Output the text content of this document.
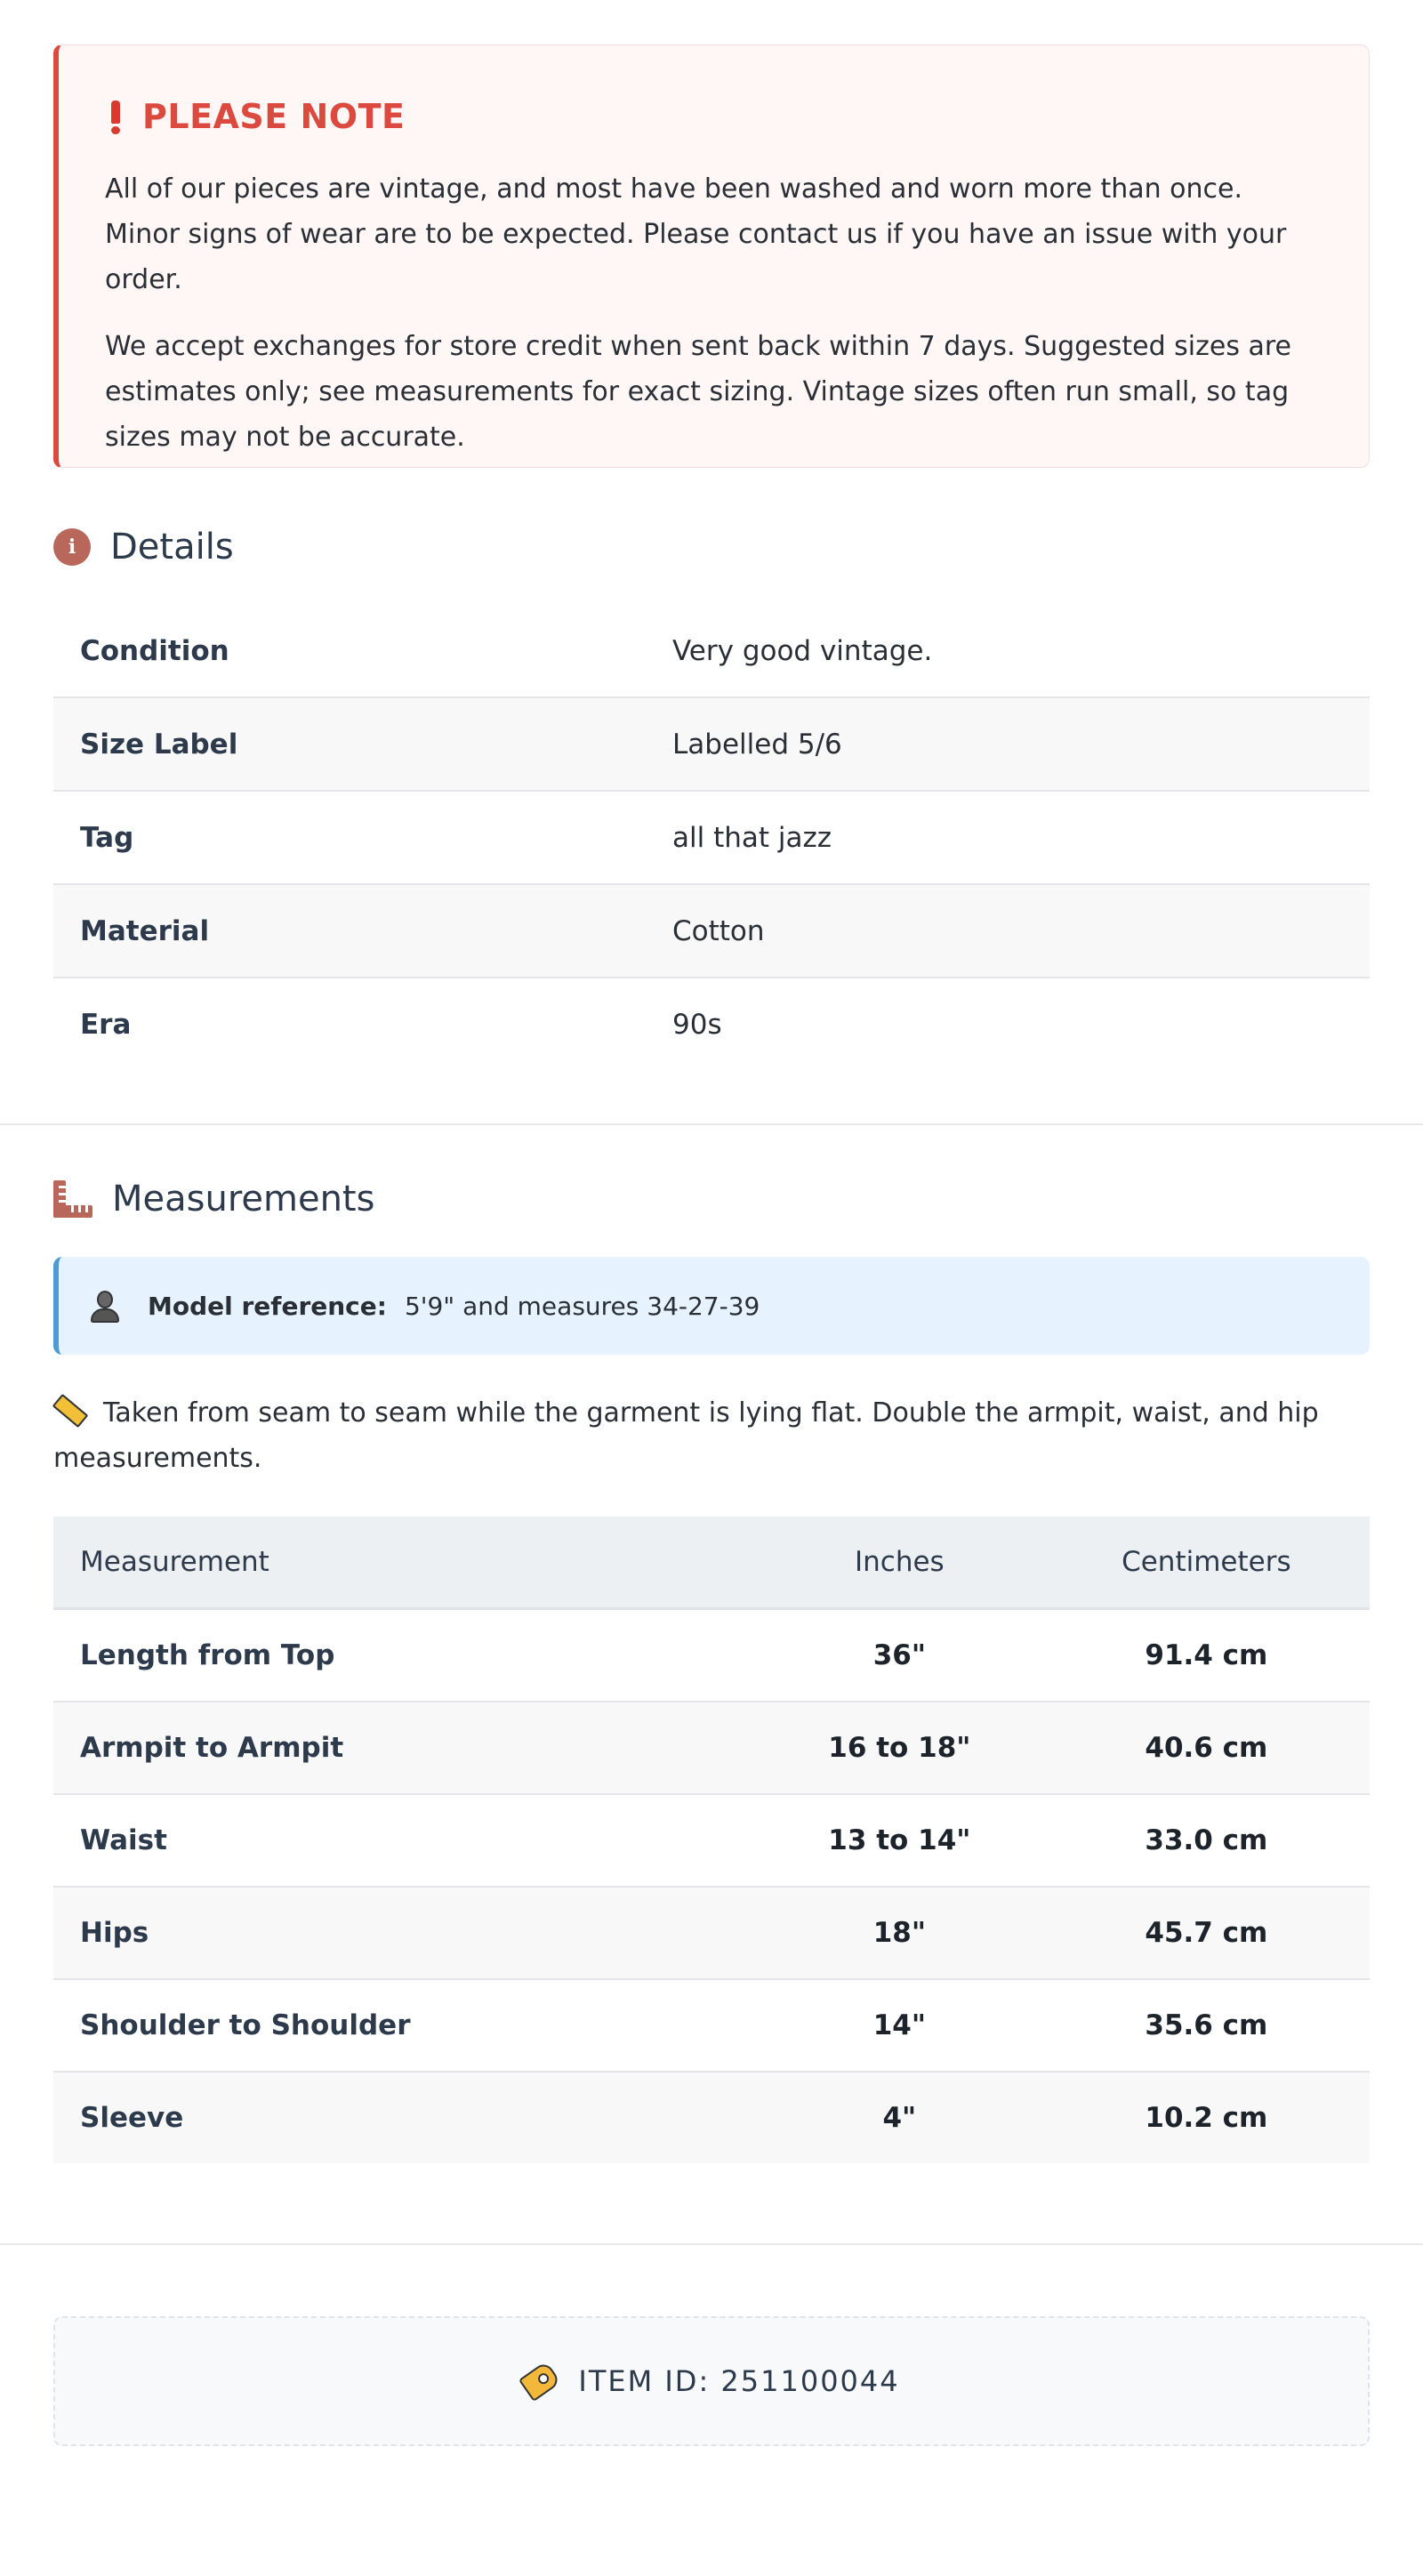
PLEASE NOTE

All of our pieces are vintage, and most have been washed and worn more than once. Minor signs of wear are to be expected. Please contact us if you have an issue with your order.

We accept exchanges for store credit when sent back within 7 days. Suggested sizes are estimates only; see measurements for exact sizing. Vintage sizes often run small, so tag sizes may not be accurate.

i Details
Condition	Very good vintage.
Size Label	Labelled 5/6
Tag	all that jazz
Material	Cotton
Era	90s
Measurements
Model reference: 5'9" and measures 34-27-39
Taken from seam to seam while the garment is lying flat. Double the armpit, waist, and hip measurements.
Measurement	Inches	Centimeters
Length from Top	36"	91.4 cm
Armpit to Armpit	16 to 18"	40.6 cm
Waist	13 to 14"	33.0 cm
Hips	18"	45.7 cm
Shoulder to Shoulder	14"	35.6 cm
Sleeve	4"	10.2 cm
ITEM ID: 251100044
